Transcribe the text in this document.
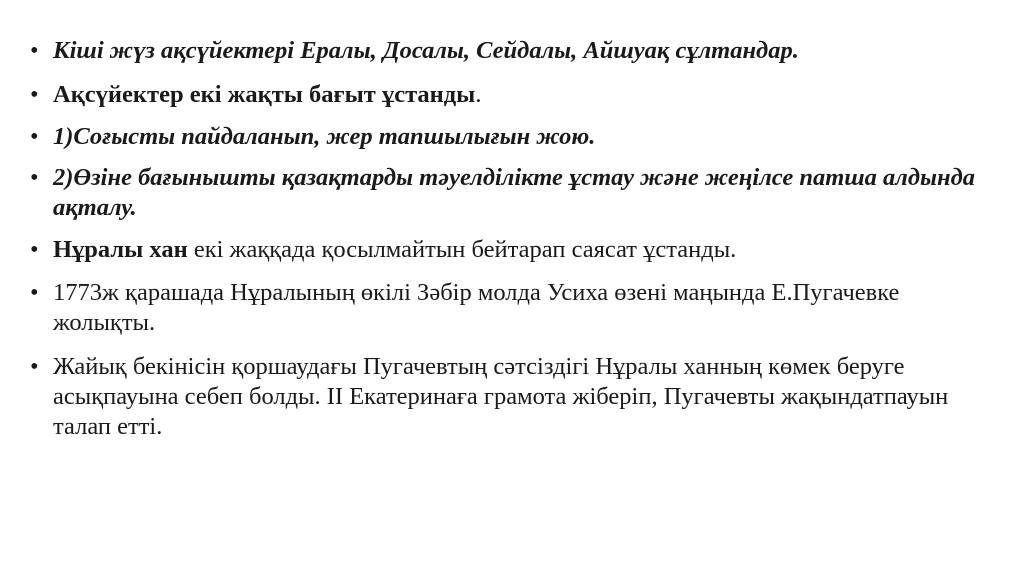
•
Кіші жүз ақсүйектері Ералы, Досалы, Сейдалы, Айшуақ сұлтандар.
•
Ақсүйектер екі жақты бағыт ұстанды.
•
1)Соғысты пайдаланып, жер тапшылығын жою.
•
2)Өзіне бағынышты қазақтарды тәуелділікте ұстау және жеңілсе патша алдында ақталу.
•
Нұралы хан екі жаққада қосылмайтын бейтарап саясат ұстанды.
•
1773ж қарашада Нұралының өкілі Зәбір молда Усиха өзені маңында Е.Пугачевке жолықты.
•
Жайық бекінісін қоршаудағы Пугачевтың сәтсіздігі Нұралы ханның көмек беруге асықпауына себеп болды. ІІ Екатеринаға грамота жіберіп, Пугачевты жақындатпауын талап етті.
